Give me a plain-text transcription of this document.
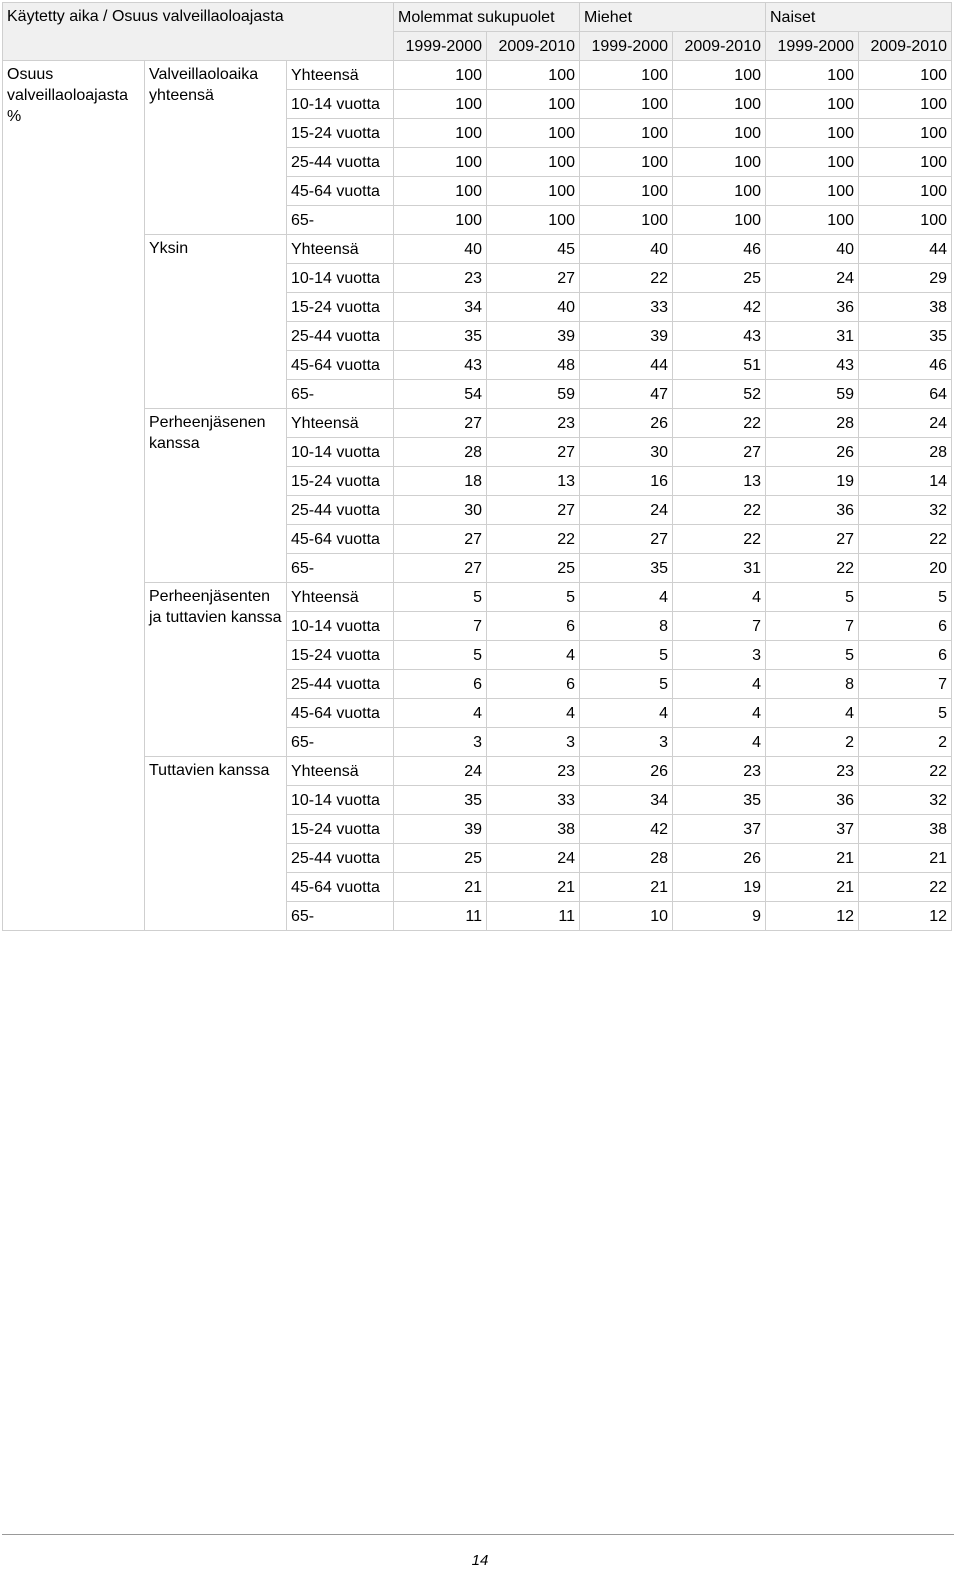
Käytetty aika / Osuus valveillaoloajasta			Molemmat sukupuolet		Miehet		Naiset	
			1999-2000	2009-2010	1999-2000	2009-2010	1999-2000	2009-2010
Osuus valveillaoloajasta %	Valveillaoloaika yhteensä	Yhteensä	100	100	100	100	100	100
		10-14 vuotta	100	100	100	100	100	100
		15-24 vuotta	100	100	100	100	100	100
		25-44 vuotta	100	100	100	100	100	100
		45-64 vuotta	100	100	100	100	100	100
		65-	100	100	100	100	100	100
	Yksin	Yhteensä	40	45	40	46	40	44
		10-14 vuotta	23	27	22	25	24	29
		15-24 vuotta	34	40	33	42	36	38
		25-44 vuotta	35	39	39	43	31	35
		45-64 vuotta	43	48	44	51	43	46
		65-	54	59	47	52	59	64
	Perheenjäsenen kanssa	Yhteensä	27	23	26	22	28	24
		10-14 vuotta	28	27	30	27	26	28
		15-24 vuotta	18	13	16	13	19	14
		25-44 vuotta	30	27	24	22	36	32
		45-64 vuotta	27	22	27	22	27	22
		65-	27	25	35	31	22	20
	Perheenjäsenten ja tuttavien kanssa	Yhteensä	5	5	4	4	5	5
		10-14 vuotta	7	6	8	7	7	6
		15-24 vuotta	5	4	5	3	5	6
		25-44 vuotta	6	6	5	4	8	7
		45-64 vuotta	4	4	4	4	4	5
		65-	3	3	3	4	2	2
	Tuttavien kanssa	Yhteensä	24	23	26	23	23	22
		10-14 vuotta	35	33	34	35	36	32
		15-24 vuotta	39	38	42	37	37	38
		25-44 vuotta	25	24	28	26	21	21
		45-64 vuotta	21	21	21	19	21	22
		65-	11	11	10	9	12	12
14
